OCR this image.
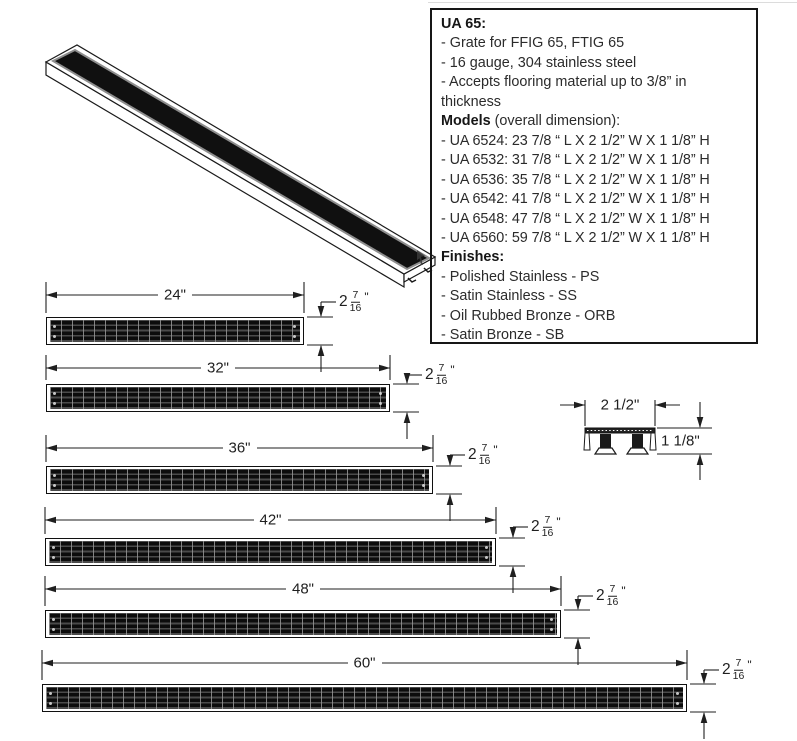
24"	$2 \frac{7}{16}$ "
32"	$2 \frac{7}{16}$ "
36"	$2 \frac{7}{16}$ "
42"	$2 \frac{7}{16}$ "
48"	$2 \frac{7}{16}$ "
60"	$2 \frac{7}{16}$ "
2 1/2"
1 1/8"
UA 65:
- Grate for FFIG 65, FTIG 65
- 16 gauge, 304 stainless steel
- Accepts flooring material up to 3/8” in thickness
Models (overall dimension):
- UA 6524: 23 7/8 “ L X 2 1/2” W X 1 1/8” H
- UA 6532: 31 7/8 “ L X 2 1/2” W X 1 1/8” H
- UA 6536: 35 7/8 “ L X 2 1/2” W X 1 1/8” H
- UA 6542: 41 7/8 “ L X 2 1/2” W X 1 1/8” H
- UA 6548: 47 7/8 “ L X 2 1/2” W X 1 1/8” H
- UA 6560: 59 7/8 “ L X 2 1/2” W X 1 1/8” H
Finishes:
- Polished Stainless - PS
- Satin Stainless - SS
- Oil Rubbed Bronze - ORB
- Satin Bronze - SB
